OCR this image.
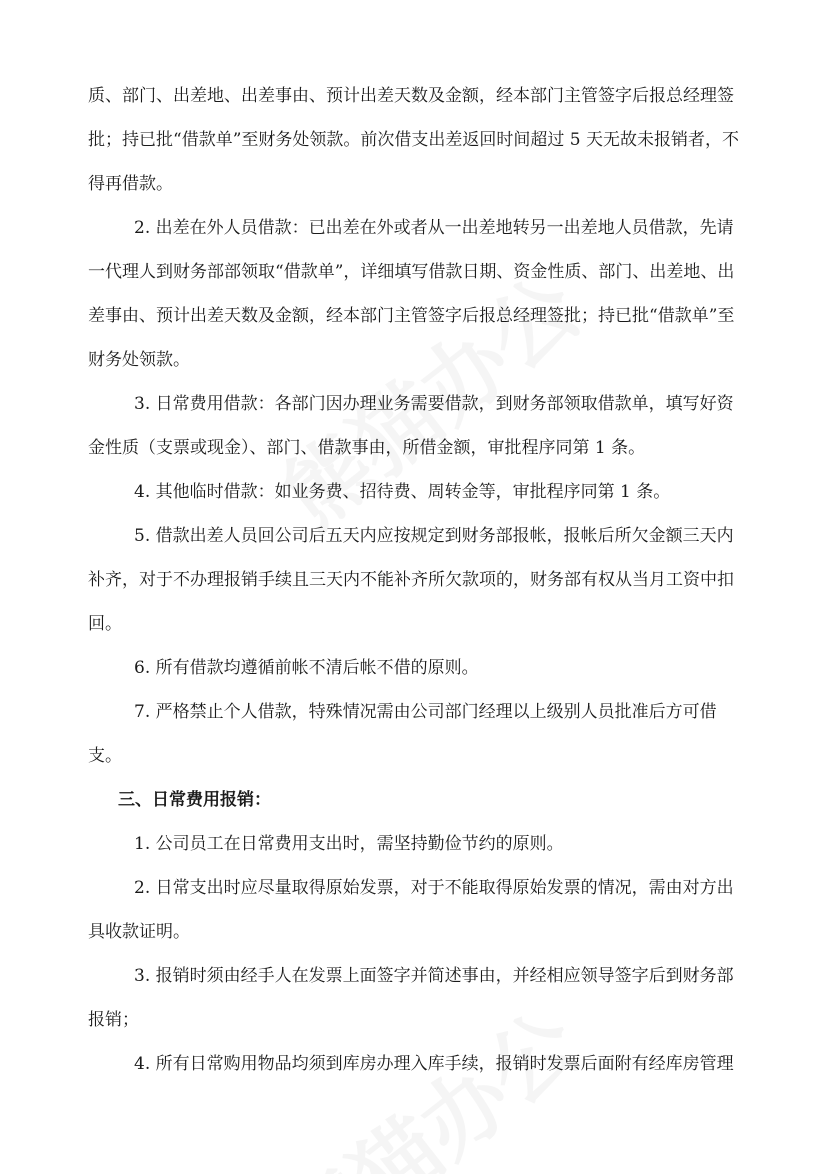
质、部门、出差地、出差事由、预计出差天数及金额，经本部门主管签字后报总经理签
批；持已批“借款单”至财务处领款。前次借支出差返回时间超过 5 天无故未报销者，不
得再借款。
2. 出差在外人员借款：已出差在外或者从一出差地转另一出差地人员借款，先请
一代理人到财务部部领取“借款单”，详细填写借款日期、资金性质、部门、出差地、出
差事由、预计出差天数及金额，经本部门主管签字后报总经理签批；持已批“借款单”至
财务处领款。
3. 日常费用借款：各部门因办理业务需要借款，到财务部领取借款单，填写好资
金性质（支票或现金）、部门、借款事由，所借金额，审批程序同第 1 条。
4. 其他临时借款：如业务费、招待费、周转金等，审批程序同第 1 条。
5. 借款出差人员回公司后五天内应按规定到财务部报帐，报帐后所欠金额三天内
补齐，对于不办理报销手续且三天内不能补齐所欠款项的，财务部有权从当月工资中扣
回。
6. 所有借款均遵循前帐不清后帐不借的原则。
7. 严格禁止个人借款，特殊情况需由公司部门经理以上级别人员批准后方可借
支。
三、日常费用报销：
1. 公司员工在日常费用支出时，需坚持勤俭节约的原则。
2. 日常支出时应尽量取得原始发票，对于不能取得原始发票的情况，需由对方出
具收款证明。
3. 报销时须由经手人在发票上面签字并简述事由，并经相应领导签字后到财务部
报销；
4. 所有日常购用物品均须到库房办理入库手续，报销时发票后面附有经库房管理
